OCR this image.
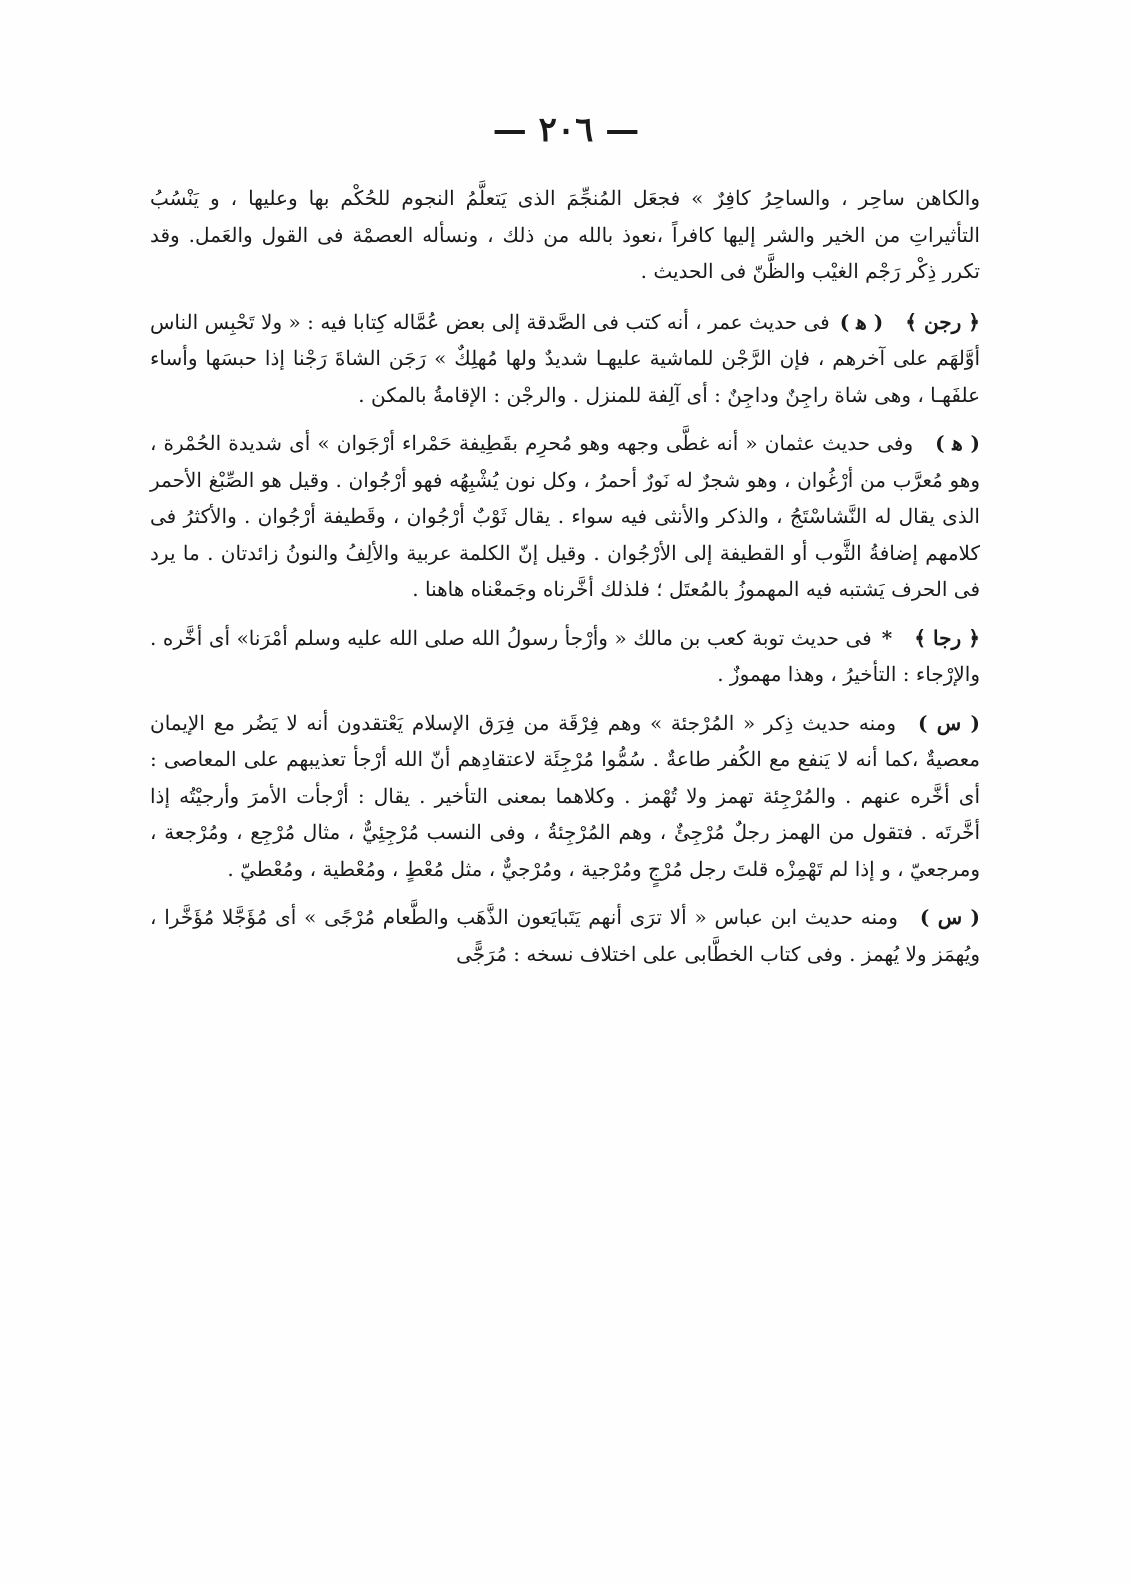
— ٢٠٦ —

والكاهن ساحِر ، والساحِرُ كافِرٌ » فجعَل المُنجِّمَ الذى يَتعلَّمُ النجوم للحُكْم بها وعليها ، و يَنْسُبُ التأثيراتِ من الخير والشر إليها كافراً ،نعوذ بالله من ذلك ، ونسأله العصمْة فى القول والعَمل. وقد تكرر ذِكْر رَجْم الغيْب والظَّنّ فى الحديث .

﴿ رجن ﴾( ﻫ )فى حديث عمر ، أنه كتب فى الصَّدقة إلى بعض عُمَّاله كِتابا فيه : « ولا تَحْبِس الناس أوَّلهَم على آخرهم ، فإن الرَّجْن للماشية عليهـا شديدٌ ولها مُهلِكٌ » رَجَن الشاةَ رَجْنا إذا حبسَها وأساء علفَهـا ، وهى شاة راجِنٌ وداجِنٌ : أى آلِفة للمنزل . والرجْن : الإقامةُ بالمكن .

( ﻫ )وفى حديث عثمان « أنه غطَّى وجهه وهو مُحرِم بقَطِيفة حَمْراء أرْجَوان » أى شديدة الحُمْرة ، وهو مُعرَّب من أرْغُوان ، وهو شجرٌ له نَورٌ أحمرُ ، وكل نون يُشْبِهُه فهو أرْجُوان . وقيل هو الصِّبْغ الأحمر الذى يقال له النَّشاسْتَجُ ، والذكر والأنثى فيه سواء . يقال ثَوْبٌ أرْجُوان ، وقَطيفة أرْجُوان . والأكثرُ فى كلامهم إضافةُ الثَّوب أو القطيفة إلى الأرْجُوان . وقيل إنّ الكلمة عربية والألِفُ والنونُ زائدتان . ما يرد فى الحرف يَشتبه فيه المهموزُ بالمُعتَل ؛ فلذلك أخَّرناه وجَمعْناه هاهنا .

﴿ رجا ﴾*فى حديث توبة كعب بن مالك « وأرْجأ رسولُ الله صلى الله عليه وسلم أمْرَنا» أى أخَّره . والإرْجاء : التأخيرُ ، وهذا مهموزٌ .

( س )ومنه حديث ذِكر « المُرْجئة » وهم فِرْقَة من فِرَق الإسلام يَعْتقدون أنه لا يَضُر مع الإيمان معصيةٌ ،كما أنه لا يَنفع مع الكُفر طاعةٌ . سُمُّوا مُرْجِئَة لاعتقادِهم أنّ الله أرْجأ تعذيبهم على المعاصى : أى أخَّره عنهم . والمُرْجِئة تهمز ولا تُهْمز . وكلاهما بمعنى التأخير . يقال : أرْجأت الأمرَ وأرجيْتُه إذا أخَّرتَه . فتقول من الهمز رجلٌ مُرْجِئٌ ، وهم المُرْجِئةُ ، وفى النسب مُرْجِئِيٌّ ، مثال مُرْجِع ، ومُرْجعة ، ومرجعيّ ، و إذا لم تَهْمِزْه قلتَ رجل مُرْجٍ ومُرْجية ، ومُرْجيٌّ ، مثل مُعْطٍ ، ومُعْطية ، ومُعْطيّ .

( س )ومنه حديث ابن عباس « ألا ترَى أنهم يَتَبايَعون الذَّهَب والطَّعام مُرْجًى » أى مُؤَجَّلا مُؤَخَّرا ، ويُهمَز ولا يُهمز . وفى كتاب الخطَّابى على اختلاف نسخه : مُرَجًّى
